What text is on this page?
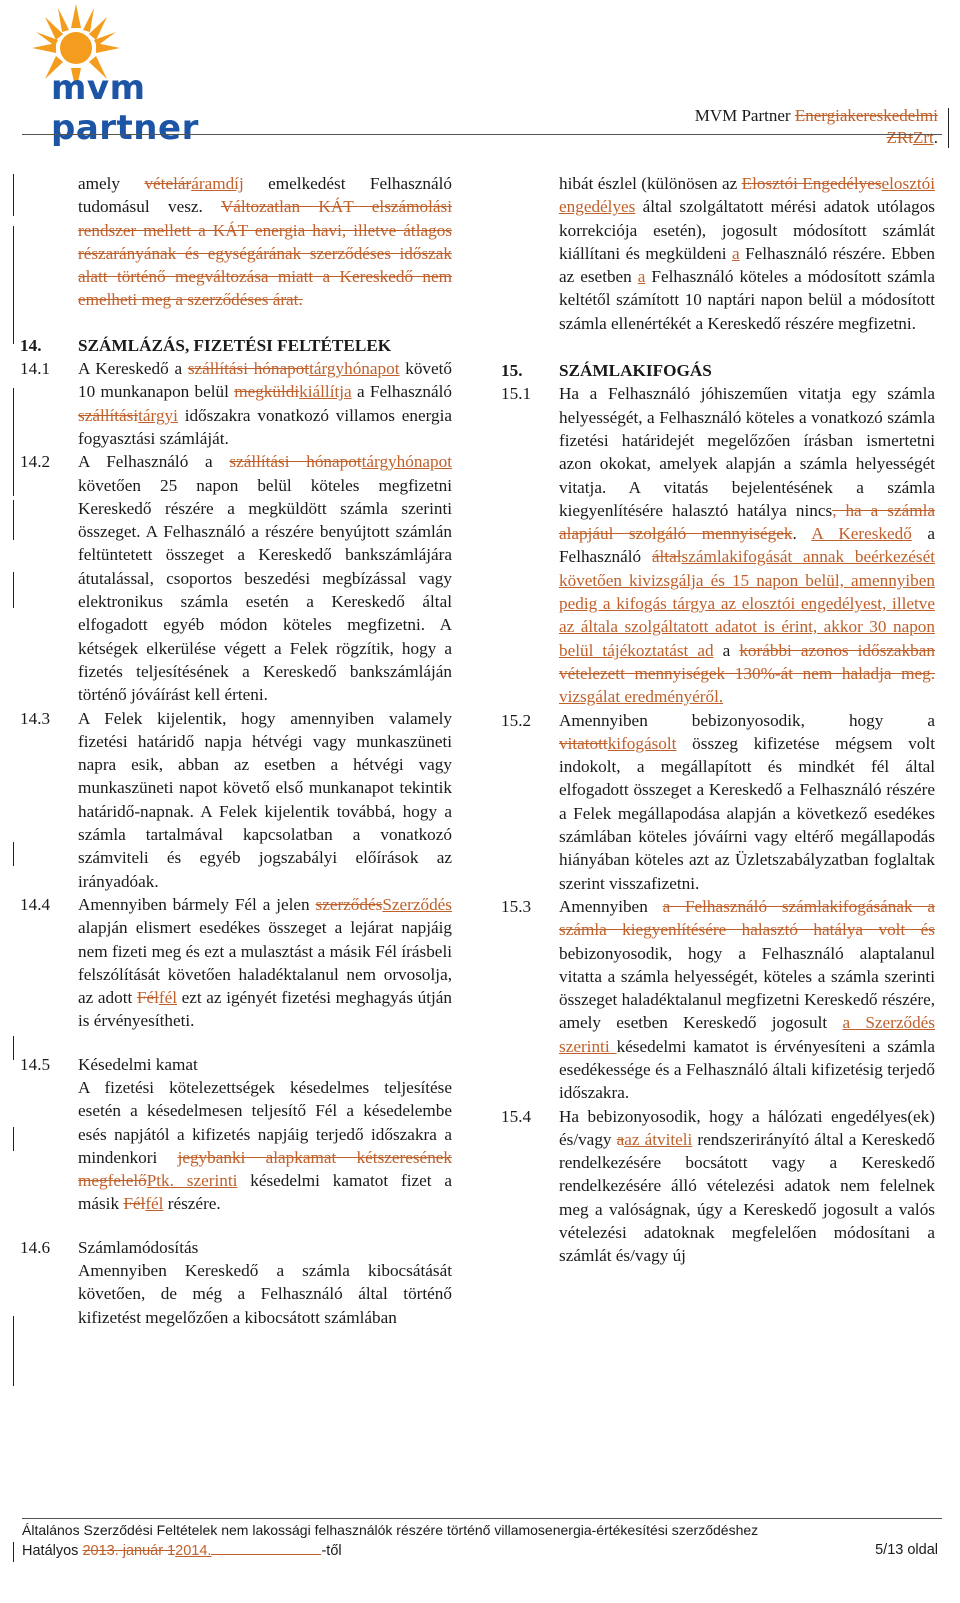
mvm partner	MVM Partner Energiakereskedelmi
ZRtZrt.
amely vételáráramdíj emelkedést Felhasználó tudomásul vesz. Változatlan KÁT elszámolási rendszer mellett a KÁT energia havi, illetve átlagos részarányának és egységárának szerződéses időszak alatt történő megváltozása miatt a Kereskedő nem emelheti meg a szerződéses árat.
14.	SZÁMLÁZÁS, FIZETÉSI FELTÉTELEK
14.1	A Kereskedő a szállítási hónapottárgyhónapot követő 10 munkanapon belül megküldikiállítja a Felhasználó szállításitárgyi időszakra vonatkozó villamos energia fogyasztási számláját.
14.2	A Felhasználó a szállítási hónapottárgyhónapot követően 25 napon belül köteles megfizetni Kereskedő részére a megküldött számla szerinti összeget. A Felhasználó a részére benyújtott számlán feltüntetett összeget a Kereskedő bankszámlájára átutalással, csoportos beszedési megbízással vagy elektronikus számla esetén a Kereskedő által elfogadott egyéb módon köteles megfizetni. A kétségek elkerülése végett a Felek rögzítik, hogy a fizetés teljesítésének a Kereskedő bankszámláján történő jóváírást kell érteni.
14.3	A Felek kijelentik, hogy amennyiben valamely fizetési határidő napja hétvégi vagy munkaszüneti napra esik, abban az esetben a hétvégi vagy munkaszüneti napot követő első munkanapot tekintik határidő-napnak. A Felek kijelentik továbbá, hogy a számla tartalmával kapcsolatban a vonatkozó számviteli és egyéb jogszabályi előírások az irányadóak.
14.4	Amennyiben bármely Fél a jelen szerződésSzerződés alapján elismert esedékes összeget a lejárat napjáig nem fizeti meg és ezt a mulasztást a másik Fél írásbeli felszólítását követően haladéktalanul nem orvosolja, az adott Félfél ezt az igényét fizetési meghagyás útján is érvényesítheti.
14.5	Késedelmi kamat
A fizetési kötelezettségek késedelmes teljesítése esetén a késedelmesen teljesítő Fél a késedelembe esés napjától a kifizetés napjáig terjedő időszakra a mindenkori jegybanki alapkamat kétszeresének megfelelőPtk. szerinti késedelmi kamatot fizet a másik Félfél részére.
14.6	Számlamódosítás
Amennyiben Kereskedő a számla kibocsátását követően, de még a Felhasználó által történő kifizetést megelőzően a kibocsátott számlában
hibát észlel (különösen az Elosztói Engedélyeselosztói engedélyes által szolgáltatott mérési adatok utólagos korrekciója esetén), jogosult módosított számlát kiállítani és megküldeni a Felhasználó részére. Ebben az esetben a Felhasználó köteles a módosított számla keltétől számított 10 naptári napon belül a módosított számla ellenértékét a Kereskedő részére megfizetni.
15.	SZÁMLAKIFOGÁS
15.1	Ha a Felhasználó jóhiszeműen vitatja egy számla helyességét, a Felhasználó köteles a vonatkozó számla fizetési határidejét megelőzően írásban ismertetni azon okokat, amelyek alapján a számla helyességét vitatja. A vitatás bejelentésének a számla kiegyenlítésére halasztó hatálya nincs, ha a számla alapjául szolgáló mennyiségek. A Kereskedő a Felhasználó általszámlakifogását annak beérkezését követően kivizsgálja és 15 napon belül, amennyiben pedig a kifogás tárgya az elosztói engedélyest, illetve az általa szolgáltatott adatot is érint, akkor 30 napon belül tájékoztatást ad a korábbi azonos időszakban vételezett mennyiségek 130%-át nem haladja meg. vizsgálat eredményéről.
15.2	Amennyiben bebizonyosodik, hogy a vitatottkifogásolt összeg kifizetése mégsem volt indokolt, a megállapított és mindkét fél által elfogadott összeget a Kereskedő a Felhasználó részére a Felek megállapodása alapján a következő esedékes számlában köteles jóváírni vagy eltérő megállapodás hiányában köteles azt az Üzletszabályzatban foglaltak szerint visszafizetni.
15.3	Amennyiben a Felhasználó számlakifogásának a számla kiegyenlítésére halasztó hatálya volt és bebizonyosodik, hogy a Felhasználó alaptalanul vitatta a számla helyességét, köteles a számla szerinti összeget haladéktalanul megfizetni Kereskedő részére, amely esetben Kereskedő jogosult a Szerződés szerinti késedelmi kamatot is érvényesíteni a számla esedékessége és a Felhasználó általi kifizetésig terjedő időszakra.
15.4	Ha bebizonyosodik, hogy a hálózati engedélyes(ek) és/vagy aaz átviteli rendszerirányító által a Kereskedő rendelkezésére bocsátott vagy a Kereskedő rendelkezésére álló vételezési adatok nem felelnek meg a valóságnak, úgy a Kereskedő jogosult a valós vételezési adatoknak megfelelően módosítani a számlát és/vagy új
Általános Szerződési Feltételek nem lakossági felhasználók részére történő villamosenergia-értékesítési szerződéshez
Hatályos 2013. január 12014.	-től	5/13 oldal
